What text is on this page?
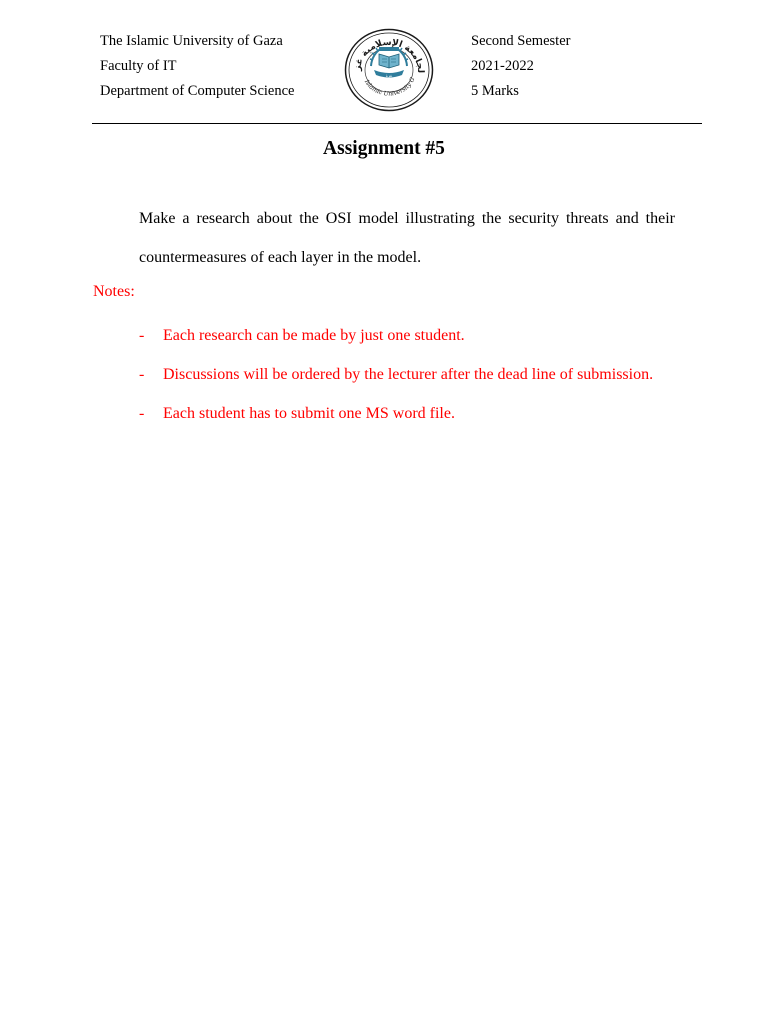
The Islamic University of Gaza
Faculty of IT
Department of Computer Science
غزة
لجامعة الإسلامية غز
Islamic University G
Second Semester
2021-2022
5 Marks
Assignment #5
Make a research about the OSI model illustrating the security threats and their countermeasures of each layer in the model.
Notes:
- Each research can be made by just one student.
- Discussions will be ordered by the lecturer after the dead line of submission.
- Each student has to submit one MS word file.
